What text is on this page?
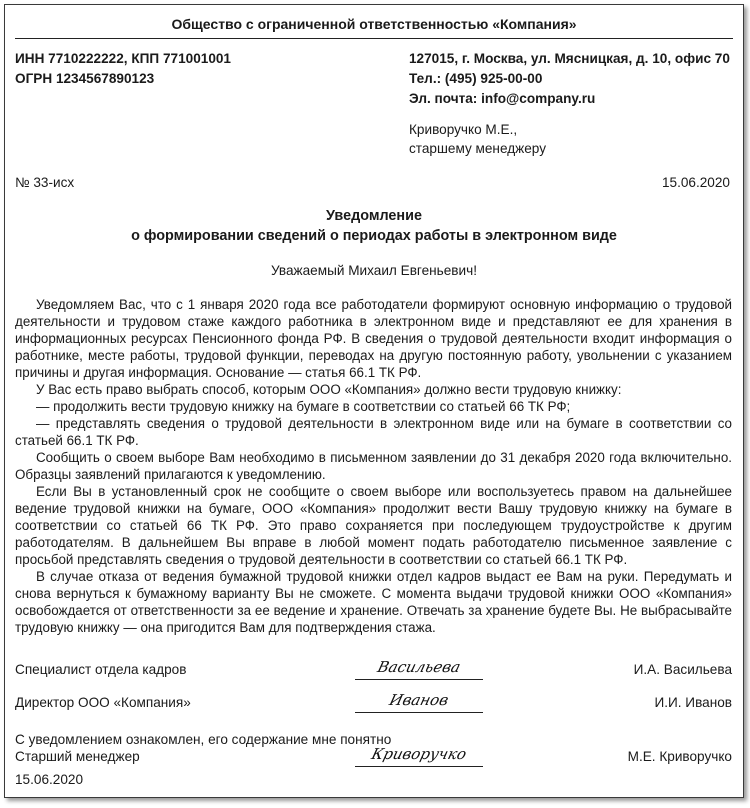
Общество с ограниченной ответственностью «Компания»
ИНН 7710222222, КПП 771001001
ОГРН 1234567890123
127015, г. Москва, ул. Мясницкая, д. 10, офис 70
Тел.: (495) 925-00-00
Эл. почта: info@company.ru
Криворучко М.Е.,
старшему менеджеру
№ 33-исх	15.06.2020
Уведомление
о формировании сведений о периодах работы в электронном виде
Уважаемый Михаил Евгеньевич!

Уведомляем Вас, что с 1 января 2020 года все работодатели формируют основную информацию о трудовой деятельности и трудовом стаже каждого работника в электронном виде и представляют ее для хранения в информационных ресурсах Пенсионного фонда РФ. В сведения о трудовой деятельности входит информация о работнике, месте работы, трудовой функции, переводах на другую постоянную работу, увольнении с указанием причины и другая информация. Основание — статья 66.1 ТК РФ.

У Вас есть право выбрать способ, которым ООО «Компания» должно вести трудовую книжку:

— продолжить вести трудовую книжку на бумаге в соответствии со статьей 66 ТК РФ;

— представлять сведения о трудовой деятельности в электронном виде или на бумаге в соответствии со статьей 66.1 ТК РФ.

Сообщить о своем выборе Вам необходимо в письменном заявлении до 31 декабря 2020 года включительно. Образцы заявлений прилагаются к уведомлению.

Если Вы в установленный срок не сообщите о своем выборе или воспользуетесь правом на дальнейшее ведение трудовой книжки на бумаге, ООО «Компания» продолжит вести Вашу трудовую книжку на бумаге в соответствии со статьей 66 ТК РФ. Это право сохраняется при последующем трудоустройстве к другим работодателям. В дальнейшем Вы вправе в любой момент подать работодателю письменное заявление с просьбой представлять сведения о трудовой деятельности в соответствии со статьей 66.1 ТК РФ.

В случае отказа от ведения бумажной трудовой книжки отдел кадров выдаст ее Вам на руки. Передумать и снова вернуться к бумажному варианту Вы не сможете. С момента выдачи трудовой книжки ООО «Компания» освобождается от ответственности за ее ведение и хранение. Отвечать за хранение будете Вы. Не выбрасывайте трудовую книжку — она пригодится Вам для подтверждения стажа.

Специалист отдела кадров	Васильева	И.А. Васильева
Директор ООО «Компания»	Иванов	И.И. Иванов
С уведомлением ознакомлен, его содержание мне понятно
Старший менеджер	Криворучко	М.Е. Криворучко
15.06.2020
